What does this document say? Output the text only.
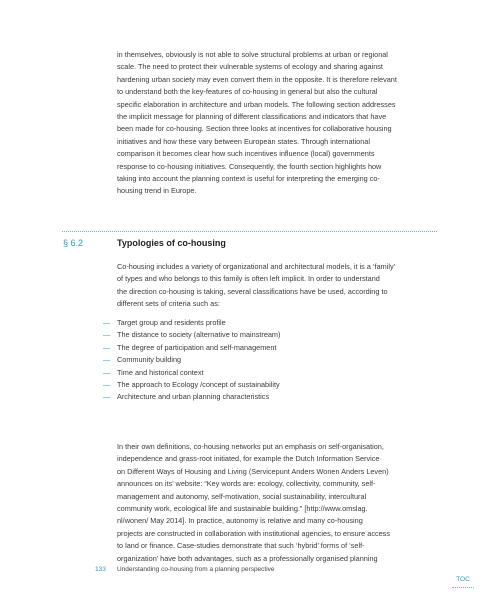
in themselves, obviously is not able to solve structural problems at urban or regional
scale. The need to protect their vulnerable systems of ecology and sharing against
hardening urban society may even convert them in the opposite. It is therefore relevant
to understand both the key-features of co-housing in general but also the cultural
specific elaboration in architecture and urban models. The following section addresses
the implicit message for planning of different classifications and indicators that have
been made for co-housing. Section three looks at incentives for collaborative housing
initiatives and how these vary between European states. Through international
comparison it becomes clear how such incentives influence (local) governments
response to co-housing initiatives. Consequently, the fourth section highlights how
taking into account the planning context is useful for interpreting the emerging co-
housing trend in Europe.
§ 6.2	Typologies of co-housing
Co-housing includes a variety of organizational and architectural models, it is a ‘family’
of types and who belongs to this family is often left implicit. In order to understand
the direction co-housing is taking, several classifications have be used, according to
different sets of criteria such as:
— Target group and residents profile
— The distance to society (alternative to mainstream)
— The degree of participation and self-management
— Community building
— Time and historical context
— The approach to Ecology /concept of sustainability
— Architecture and urban planning characteristics
In their own definitions, co-housing networks put an emphasis on self-organisation,
independence and grass-root initiated, for example the Dutch Information Service
on Different Ways of Housing and Living (Servicepunt Anders Wonen Anders Leven)
announces on its’ website: “Key words are: ecology, collectivity, community, self-
management and autonomy, self-motivation, social sustainability, intercultural
community work, ecological life and sustainable building.” [http://www.omslag.
nl/wonen/ May 2014]. In practice, autonomy is relative and many co-housing
projects are constructed in collaboration with institutional agencies, to ensure access
to land or finance. Case-studies demonstrate that such ‘hybrid’ forms of ‘self-
organization’ have both advantages, such as a professionally organised planning
133 Understanding co-housing from a planning perspective
TOC
